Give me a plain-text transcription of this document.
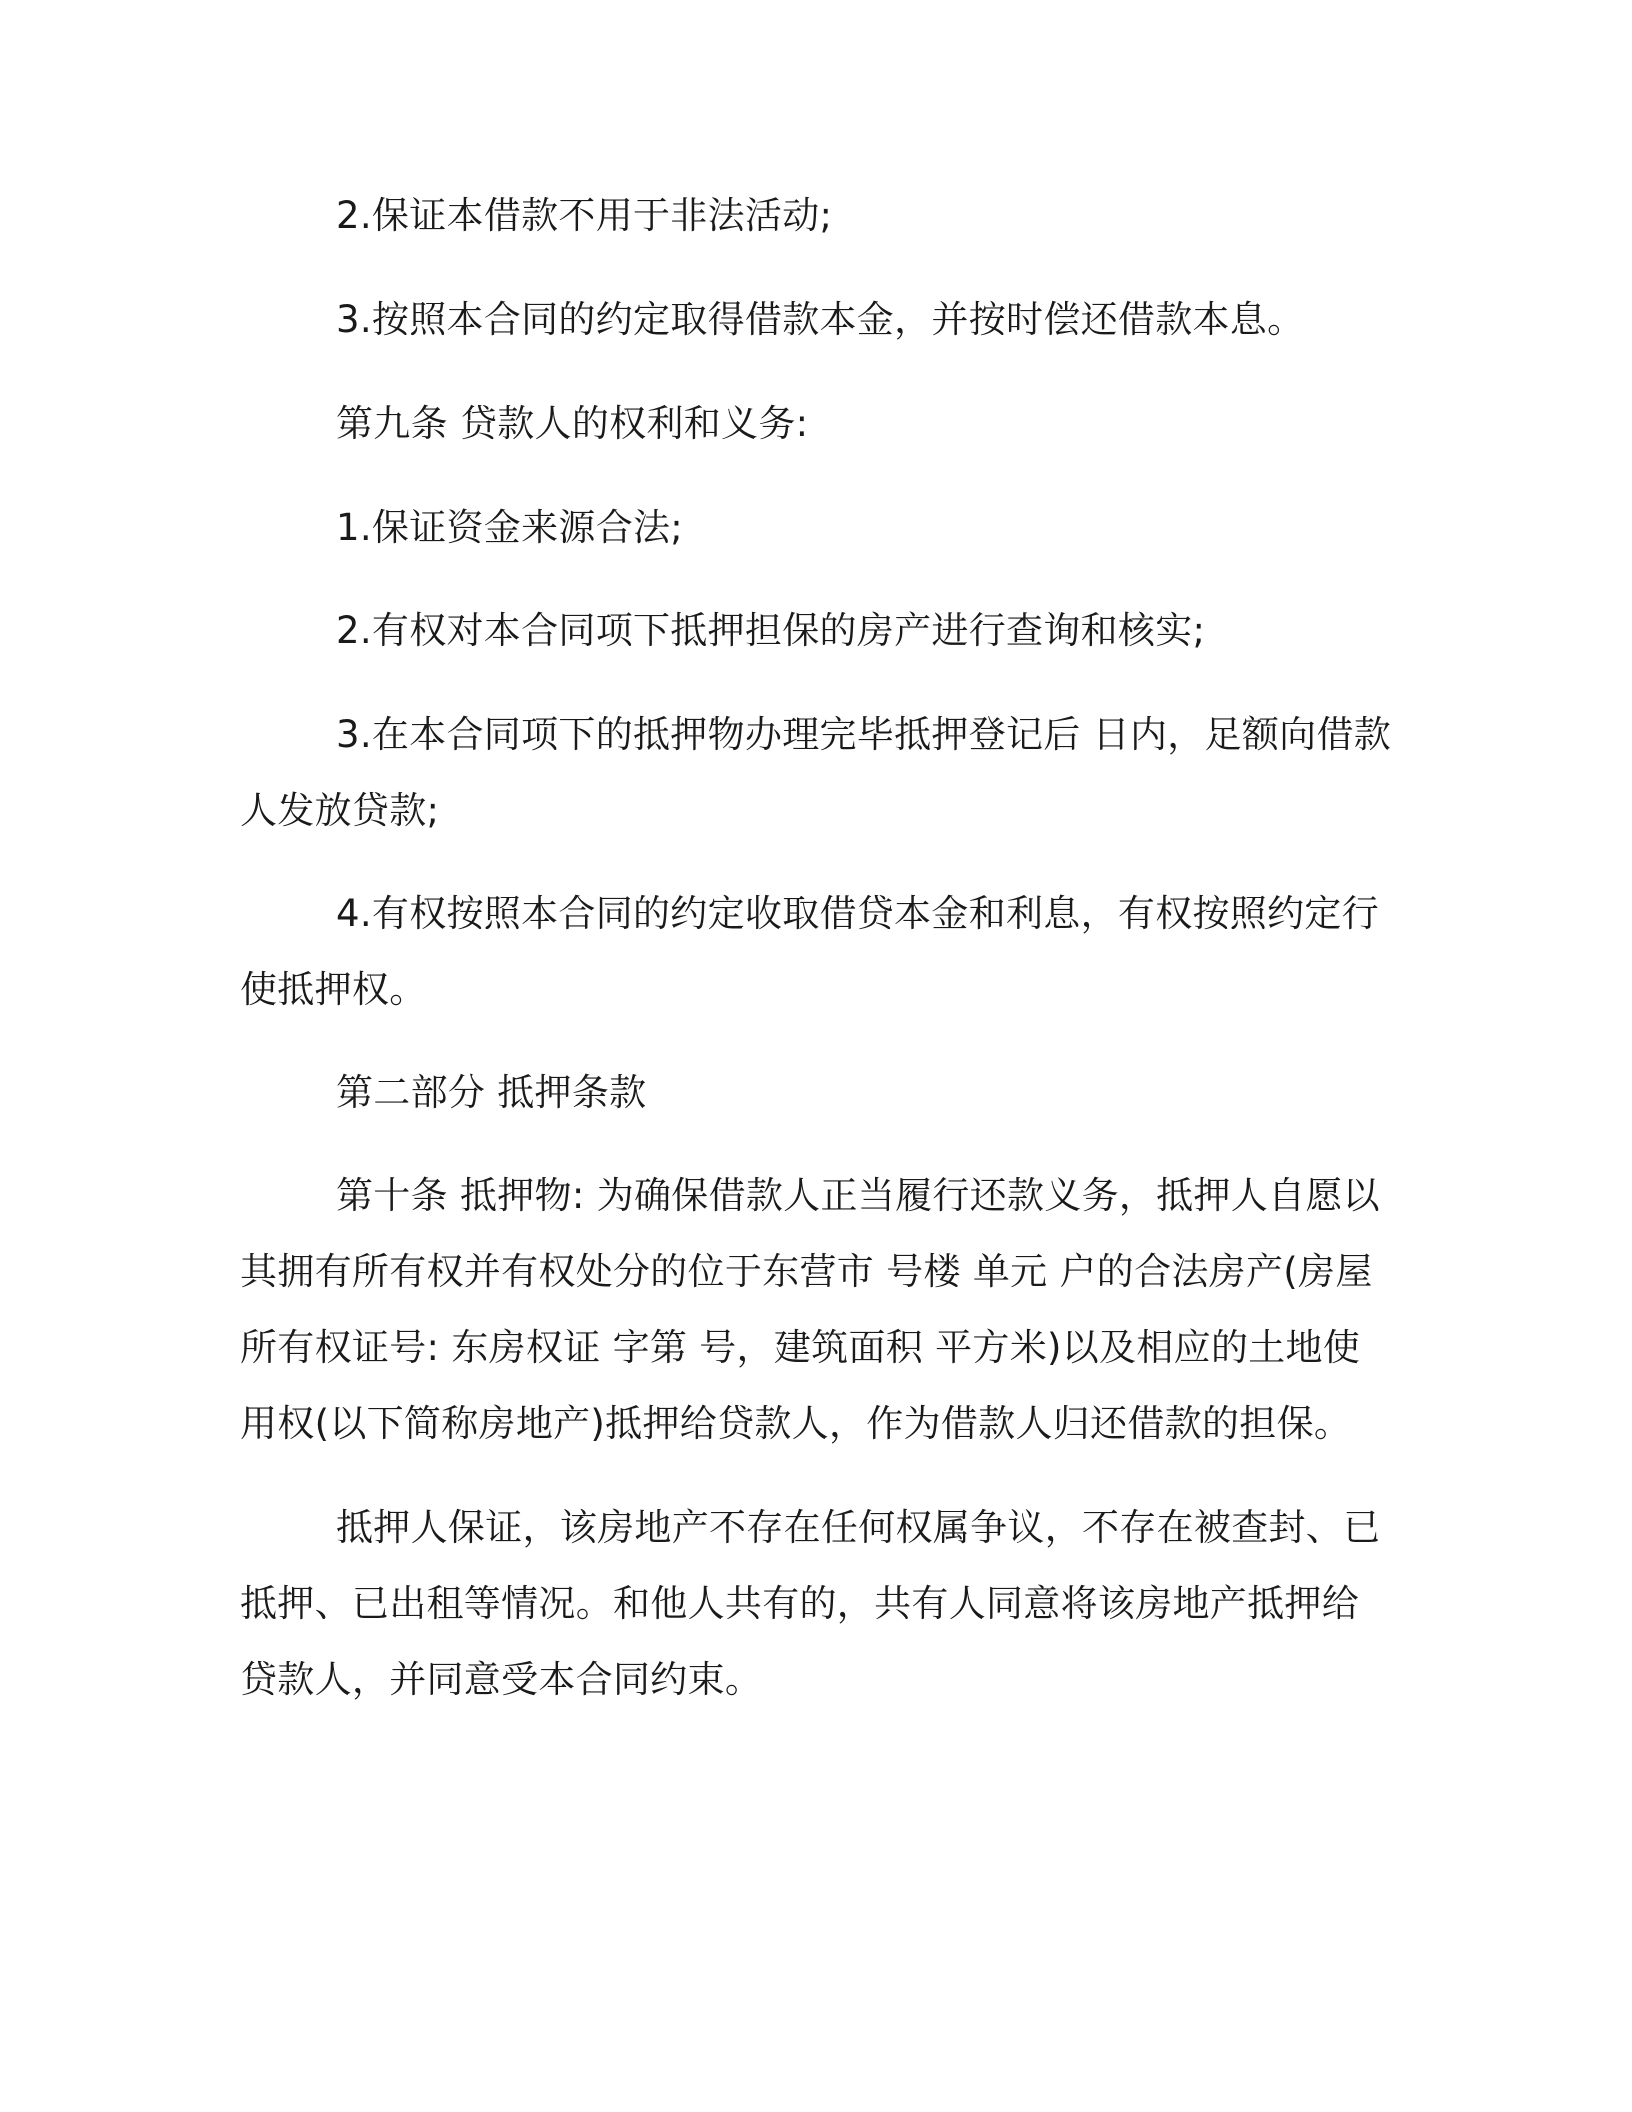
2.保证本借款不用于非法活动;
3.按照本合同的约定取得借款本金，并按时偿还借款本息。
第九条 贷款人的权利和义务:
1.保证资金来源合法;
2.有权对本合同项下抵押担保的房产进行查询和核实;
3.在本合同项下的抵押物办理完毕抵押登记后 日内，足额向借款
人发放贷款;
4.有权按照本合同的约定收取借贷本金和利息，有权按照约定行
使抵押权。
第二部分 抵押条款
第十条 抵押物: 为确保借款人正当履行还款义务，抵押人自愿以
其拥有所有权并有权处分的位于东营市 号楼 单元 户的合法房产(房屋
所有权证号: 东房权证 字第 号，建筑面积 平方米)以及相应的土地使
用权(以下简称房地产)抵押给贷款人，作为借款人归还借款的担保。
抵押人保证，该房地产不存在任何权属争议，不存在被查封、已
抵押、已出租等情况。和他人共有的，共有人同意将该房地产抵押给
贷款人，并同意受本合同约束。
